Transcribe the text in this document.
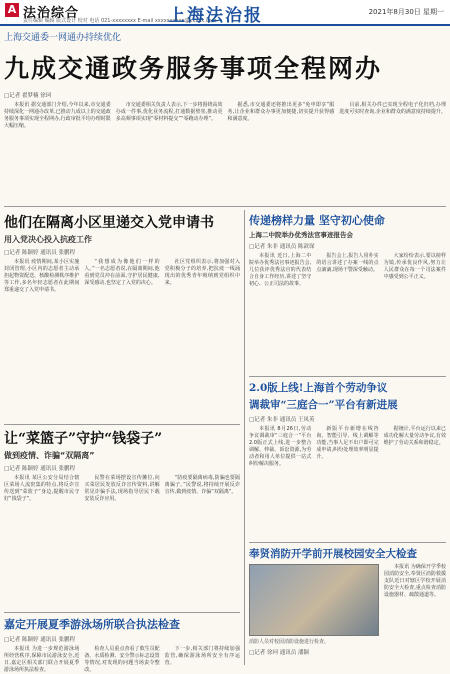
A 法治综合
责任编辑 编辑 版式设计 校对 电话 021-xxxxxxxx E-mail xxxxxxxxxx@xxxxx.com
上海法治报	2021年8月30日 星期一
上海交通委一网通办持续优化
九成交通政务服务事项全程网办
□记者 翟梦楠 徐珂

本报讯 据交通部门介绍,今年以来,市交通委持续深化一网通办改革,已推动九成以上的交通政务服务事项实现全程网办,行政审批平均办理时限大幅压缩。

市交通委相关负责人表示,下一步将围绕高效办成一件事,优化业务流程,打通数据壁垒,推动更多高频事项实现“零材料提交”“零跑动办理”。

据悉,市交通委还将推出更多“免申即享”服务,让企业和群众办事更加便捷,切实提升获得感和满意度。

目前,相关办件已实现全程电子化归档,办理进度可实时查询,企业和群众的满意度持续提升。

他们在隔离小区里递交入党申请书
用入党决心投入抗疫工作
□记者 陈颖婷 通讯员 张鹏程

本报讯 疫情期间,某小区实施封闭管理,小区内的志愿者主动承担起物资配送、核酸检测秩序维护等工作,多名年轻志愿者在此期间郑重递交了入党申请书。

“我想成为像他们一样的人。”一名志愿者说,在隔离期间,他看到党员冲在前面,守护居民健康,深受感动,也坚定了入党的决心。

社区党组织表示,将加强对入党积极分子的培养,把抗疫一线涌现出的优秀青年吸纳到党组织中来。

让“菜篮子”守护“钱袋子”
做到疫情、诈骗“双隔离”
□记者 陈颖婷 通讯员 张鹏程

本报讯 某区公安分局结合辖区菜场人流密集的特点,将反诈宣传送到“菜篮子”身边,提醒市民守好“钱袋子”。

民警在菜场摆设宣传摊位,向买菜居民发放反诈宣传资料,讲解常见诈骗手法,现场指导居民下载安装反诈应用。

“防疫要隔离病毒,防骗也要隔离骗子。”民警说,将持续开展反诈宣传,做到疫情、诈骗“双隔离”。

嘉定开展夏季游泳场所联合执法检查
□记者 陈颖婷 通讯员 张鹏程

本报讯 为进一步规范游泳场所经营秩序,保障市民游泳安全,近日,嘉定区相关部门联合开展夏季游泳场所执法检查。

检查人员重点查看了救生员配备、水质检测、安全警示标志设置等情况,对发现的问题当场责令整改。

下一步,相关部门将持续加强监管,确保游泳场所安全有序运营。

传递榜样力量 坚守初心使命
上海二中院举办优秀法官事迹报告会
□记者 朱非 通讯员 陈歆琛

本报讯 近日,上海二中院举办优秀法官事迹报告会,几位获评优秀法官的代表结合自身工作经历,讲述了坚守初心、公正司法的故事。

报告会上,报告人用朴实的语言讲述了办案一线的点点滴滴,现场干警深受触动。

大家纷纷表示,要以榜样为镜,传承优良作风,努力让人民群众在每一个司法案件中感受到公平正义。

2.0版上线!上海首个劳动争议
调裁审“三庭合一”平台有新进展
□记者 朱非 通讯员 王凤英

本报讯 8月26日,劳动争议调裁审“三庭合一”平台2.0版正式上线,进一步整合调解、仲裁、诉讼资源,为劳动者和用人单位提供一站式纠纷解决服务。

新版平台新增在线咨询、智能引导、线上调解等功能,当事人足不出户即可完成申请,纠纷处理效率明显提升。

据统计,平台运行以来已成功化解大量劳动争议,有效维护了劳动关系和谐稳定。

奉贤消防开学前开展校园安全大检查
消防人员对校园消防设施进行检查。
□记者 徐珂 通讯员 潘颖

本报讯 为确保开学季校园消防安全,奉贤区消防救援支队近日对辖区学校开展消防安全大检查,重点检查消防设施器材、疏散通道等。
